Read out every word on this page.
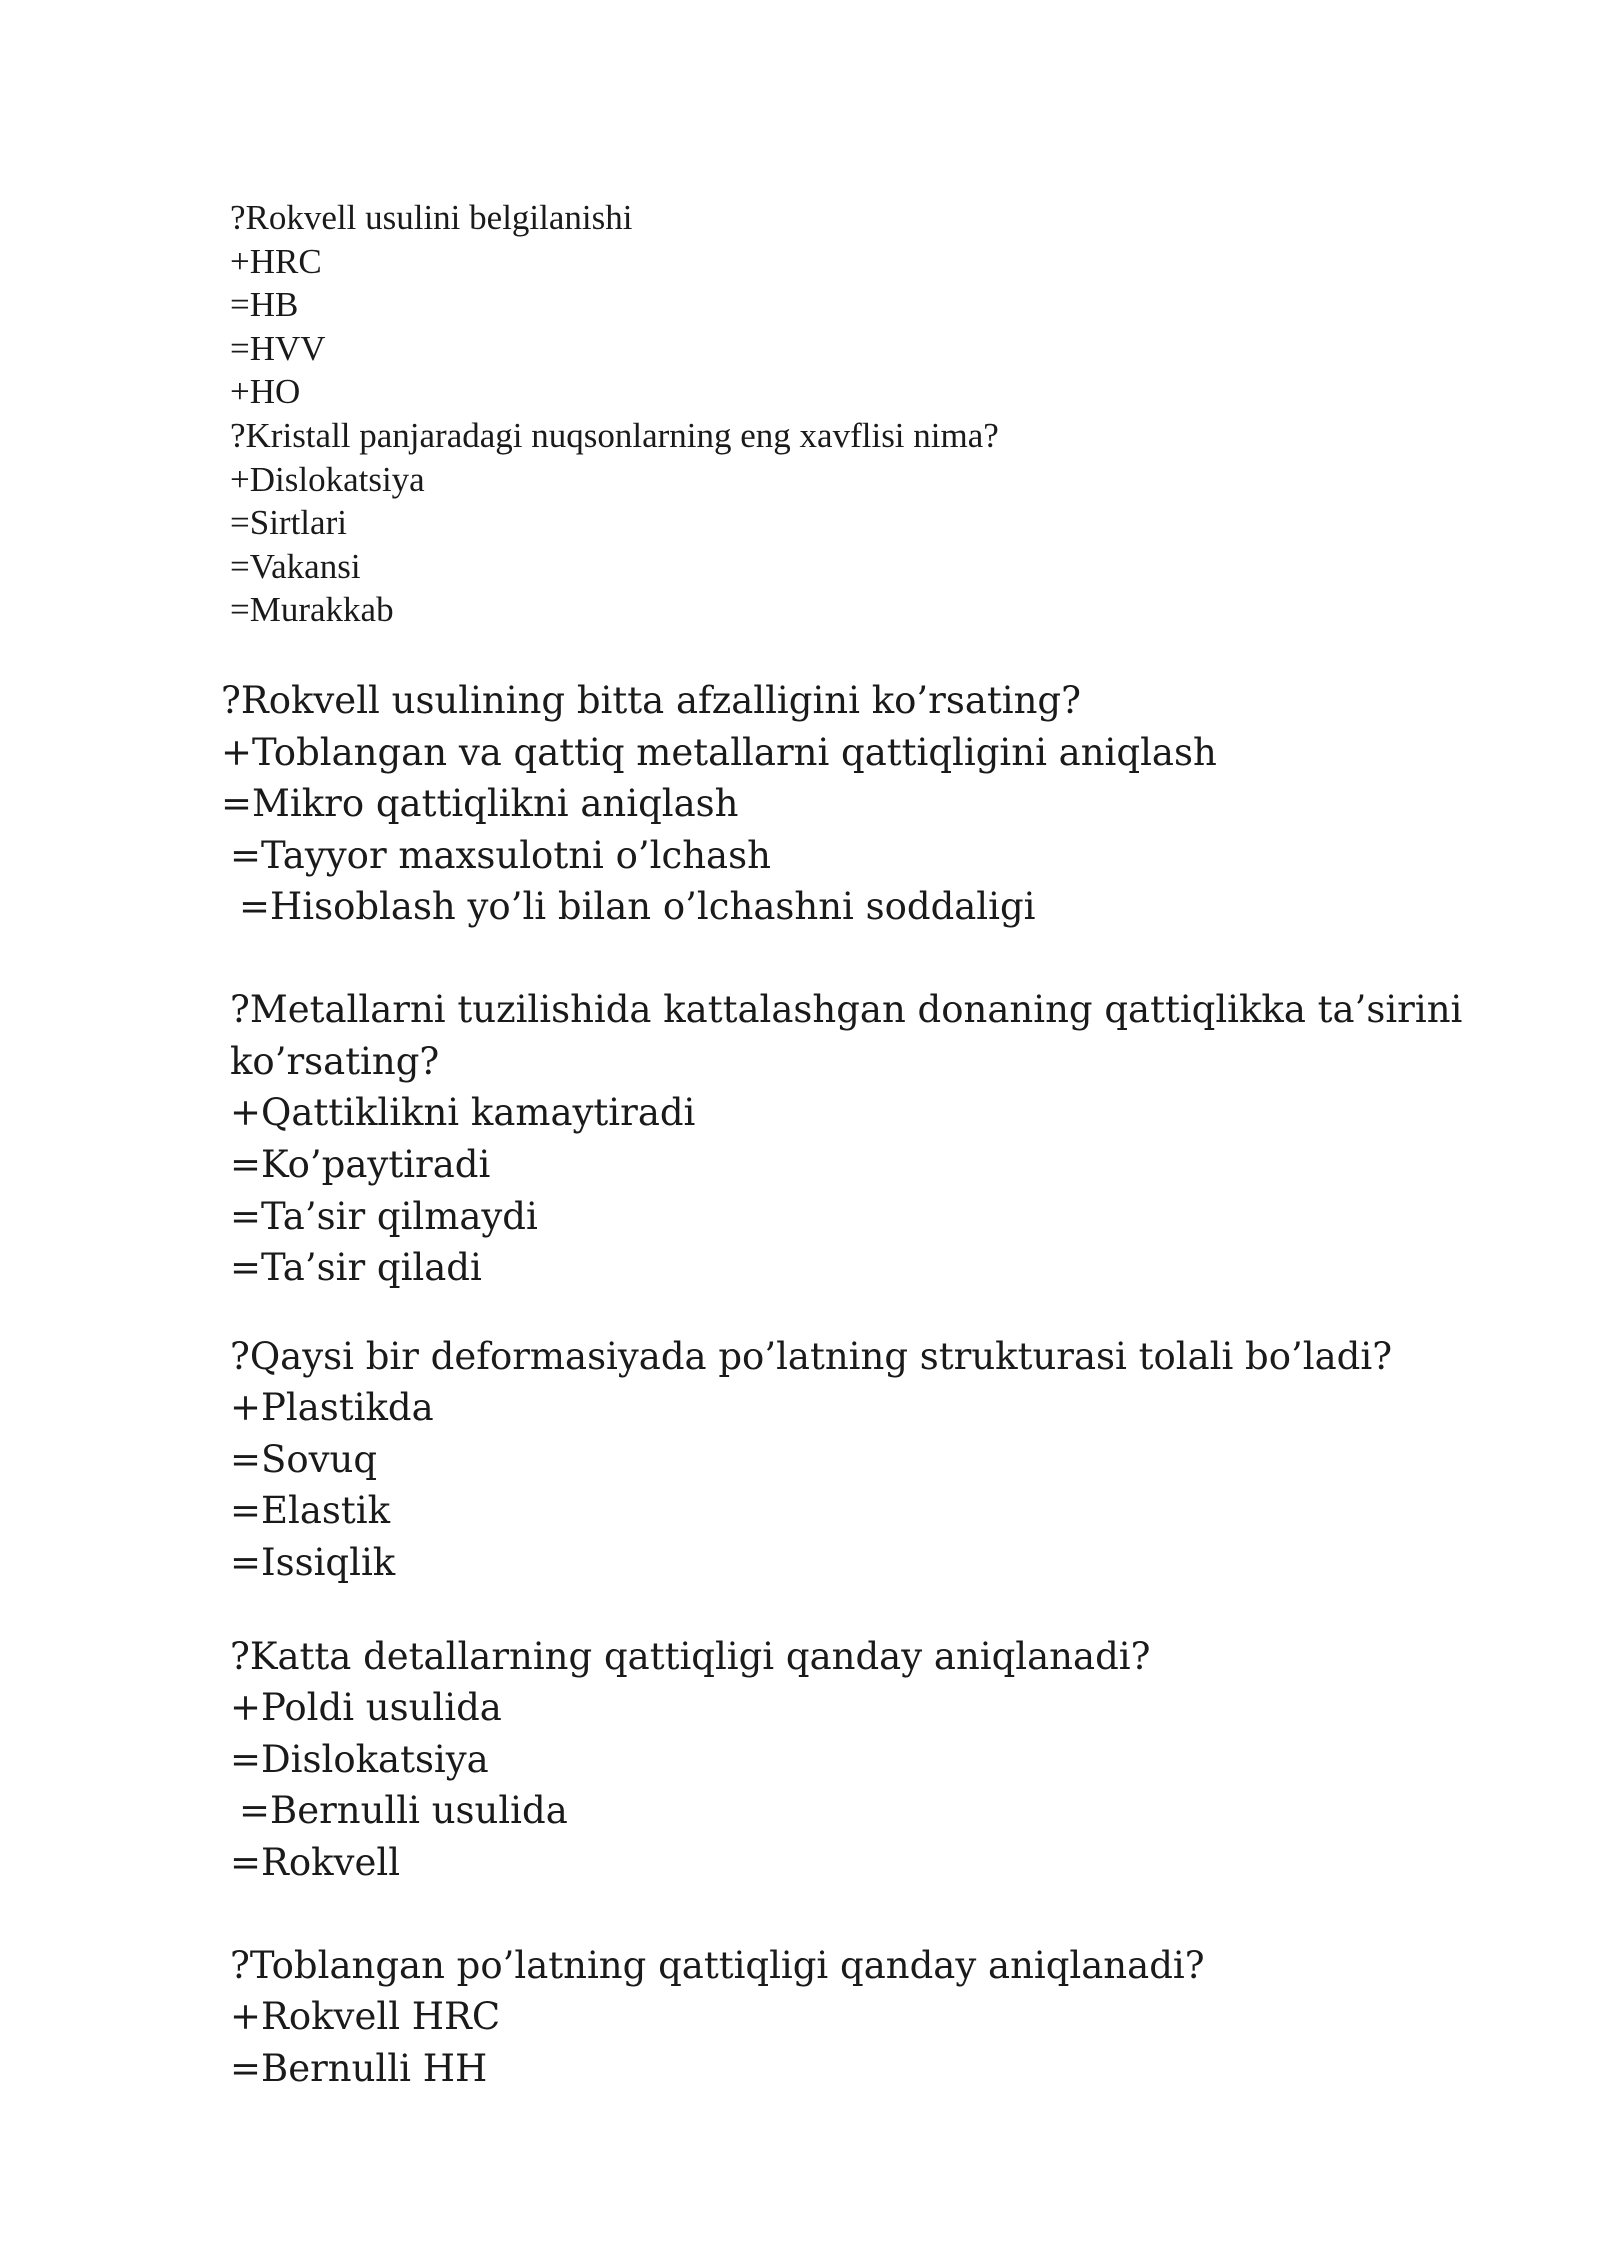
?Rokvell usulini belgilanishi
+HRC
=HB
=HVV
+HO
?Kristall panjaradagi nuqsonlarning eng xavflisi nima?
+Dislokatsiya
=Sirtlari
=Vakansi
=Murakkab
?Rokvell usulining bitta afzalligini ko’rsating?
+Toblangan va qattiq metallarni qattiqligini aniqlash
=Mikro qattiqlikni aniqlash
=Tayyor maxsulotni o’lchash
=Hisoblash yo’li bilan o’lchashni soddaligi
?Metallarni tuzilishida kattalashgan donaning qattiqlikka ta’sirini
ko’rsating?
+Qattiklikni kamaytiradi
=Ko’paytiradi
=Ta’sir qilmaydi
=Ta’sir qiladi
?Qaysi bir deformasiyada po’latning strukturasi tolali bo’ladi?
+Plastikda
=Sovuq
=Elastik
=Issiqlik
?Katta detallarning qattiqligi qanday aniqlanadi?
+Poldi usulida
=Dislokatsiya
=Bernulli usulida
=Rokvell
?Toblangan po’latning qattiqligi qanday aniqlanadi?
+Rokvell HRC
=Bernulli HH
